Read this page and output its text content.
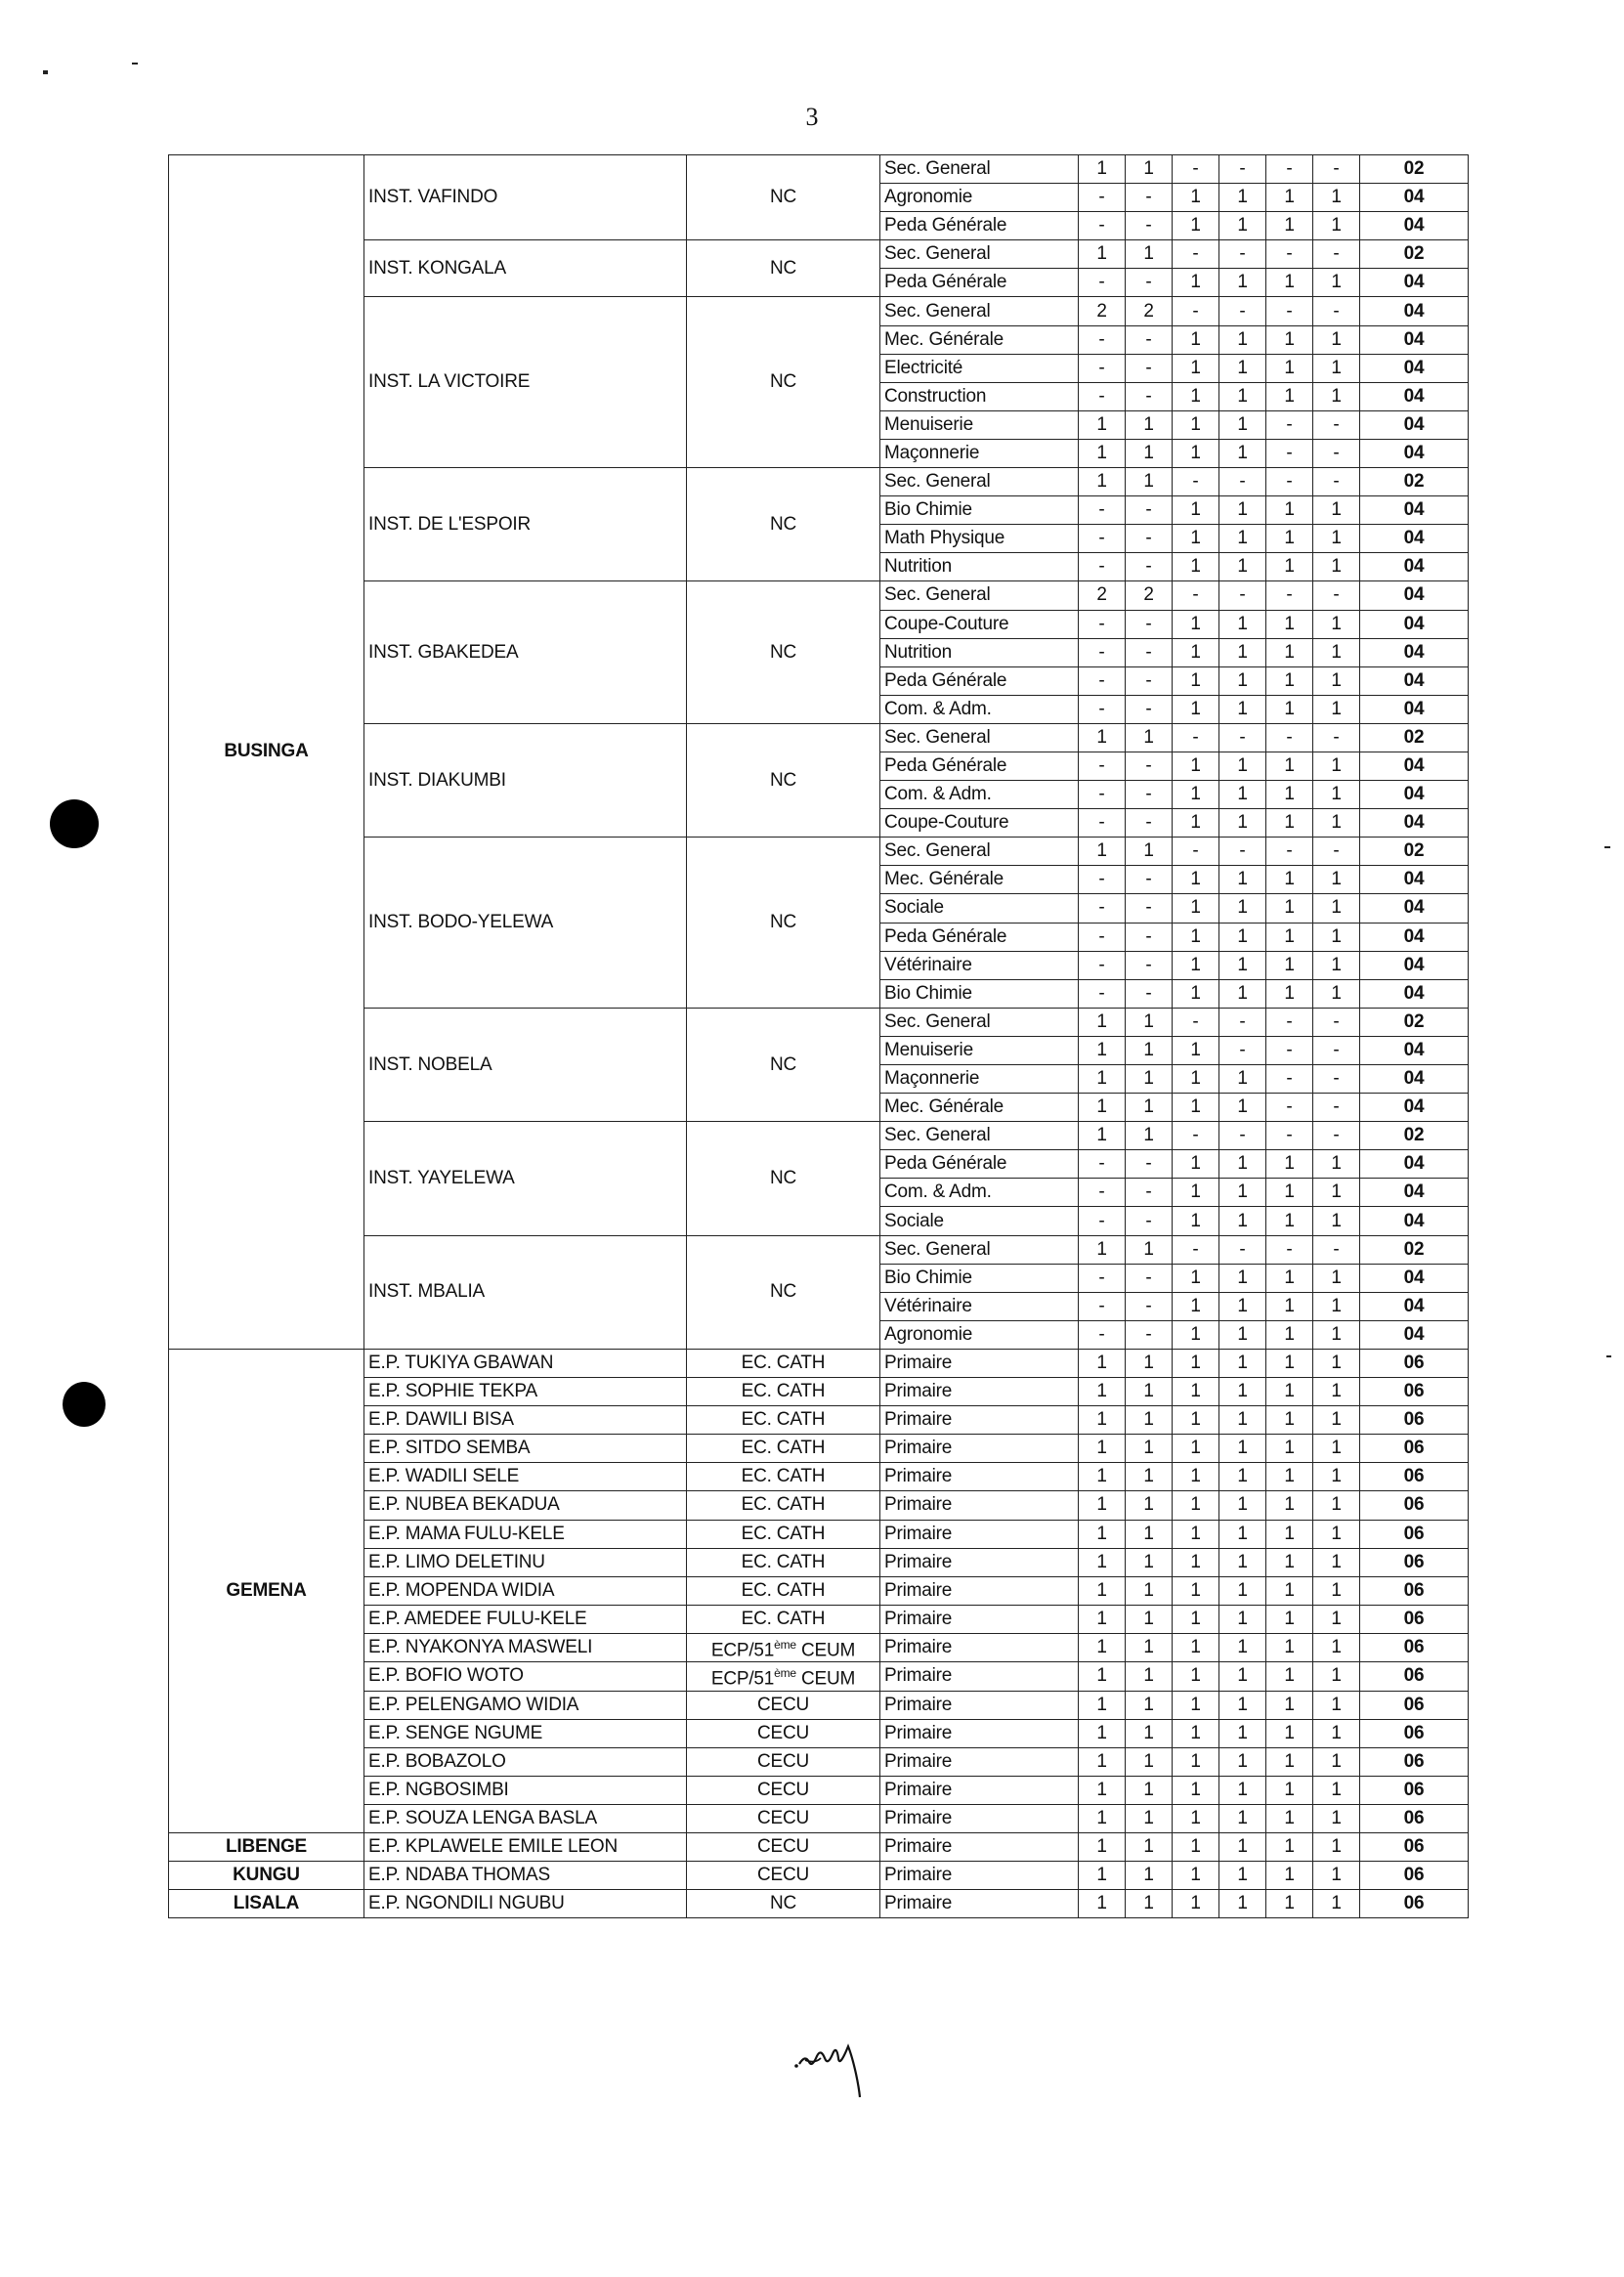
3
BUSINGA	INST. VAFINDO	NC	Sec. General	1	1	-	-	-	-	02
			Agronomie	-	-	1	1	1	1	04
			Peda Générale	-	-	1	1	1	1	04
	INST. KONGALA	NC	Sec. General	1	1	-	-	-	-	02
			Peda Générale	-	-	1	1	1	1	04
	INST. LA VICTOIRE	NC	Sec. General	2	2	-	-	-	-	04
			Mec. Générale	-	-	1	1	1	1	04
			Electricité	-	-	1	1	1	1	04
			Construction	-	-	1	1	1	1	04
			Menuiserie	1	1	1	1	-	-	04
			Maçonnerie	1	1	1	1	-	-	04
	INST. DE L'ESPOIR	NC	Sec. General	1	1	-	-	-	-	02
			Bio Chimie	-	-	1	1	1	1	04
			Math Physique	-	-	1	1	1	1	04
			Nutrition	-	-	1	1	1	1	04
	INST. GBAKEDEA	NC	Sec. General	2	2	-	-	-	-	04
			Coupe-Couture	-	-	1	1	1	1	04
			Nutrition	-	-	1	1	1	1	04
			Peda Générale	-	-	1	1	1	1	04
			Com. & Adm.	-	-	1	1	1	1	04
	INST. DIAKUMBI	NC	Sec. General	1	1	-	-	-	-	02
			Peda Générale	-	-	1	1	1	1	04
			Com. & Adm.	-	-	1	1	1	1	04
			Coupe-Couture	-	-	1	1	1	1	04
	INST. BODO-YELEWA	NC	Sec. General	1	1	-	-	-	-	02
			Mec. Générale	-	-	1	1	1	1	04
			Sociale	-	-	1	1	1	1	04
			Peda Générale	-	-	1	1	1	1	04
			Vétérinaire	-	-	1	1	1	1	04
			Bio Chimie	-	-	1	1	1	1	04
	INST. NOBELA	NC	Sec. General	1	1	-	-	-	-	02
			Menuiserie	1	1	1	-	-	-	04
			Maçonnerie	1	1	1	1	-	-	04
			Mec. Générale	1	1	1	1	-	-	04
	INST. YAYELEWA	NC	Sec. General	1	1	-	-	-	-	02
			Peda Générale	-	-	1	1	1	1	04
			Com. & Adm.	-	-	1	1	1	1	04
			Sociale	-	-	1	1	1	1	04
	INST. MBALIA	NC	Sec. General	1	1	-	-	-	-	02
			Bio Chimie	-	-	1	1	1	1	04
			Vétérinaire	-	-	1	1	1	1	04
			Agronomie	-	-	1	1	1	1	04
GEMENA	E.P. TUKIYA GBAWAN	EC. CATH	Primaire	1	1	1	1	1	1	06
	E.P. SOPHIE TEKPA	EC. CATH	Primaire	1	1	1	1	1	1	06
	E.P. DAWILI BISA	EC. CATH	Primaire	1	1	1	1	1	1	06
	E.P. SITDO SEMBA	EC. CATH	Primaire	1	1	1	1	1	1	06
	E.P. WADILI SELE	EC. CATH	Primaire	1	1	1	1	1	1	06
	E.P. NUBEA BEKADUA	EC. CATH	Primaire	1	1	1	1	1	1	06
	E.P. MAMA FULU-KELE	EC. CATH	Primaire	1	1	1	1	1	1	06
	E.P. LIMO DELETINU	EC. CATH	Primaire	1	1	1	1	1	1	06
	E.P. MOPENDA WIDIA	EC. CATH	Primaire	1	1	1	1	1	1	06
	E.P. AMEDEE FULU-KELE	EC. CATH	Primaire	1	1	1	1	1	1	06
	E.P. NYAKONYA MASWELI	ECP/51ème CEUM	Primaire	1	1	1	1	1	1	06
	E.P. BOFIO WOTO	ECP/51ème CEUM	Primaire	1	1	1	1	1	1	06
	E.P. PELENGAMO WIDIA	CECU	Primaire	1	1	1	1	1	1	06
	E.P. SENGE NGUME	CECU	Primaire	1	1	1	1	1	1	06
	E.P. BOBAZOLO	CECU	Primaire	1	1	1	1	1	1	06
	E.P. NGBOSIMBI	CECU	Primaire	1	1	1	1	1	1	06
	E.P. SOUZA LENGA BASLA	CECU	Primaire	1	1	1	1	1	1	06
LIBENGE	E.P. KPLAWELE EMILE LEON	CECU	Primaire	1	1	1	1	1	1	06
KUNGU	E.P. NDABA THOMAS	CECU	Primaire	1	1	1	1	1	1	06
LISALA	E.P. NGONDILI NGUBU	NC	Primaire	1	1	1	1	1	1	06
